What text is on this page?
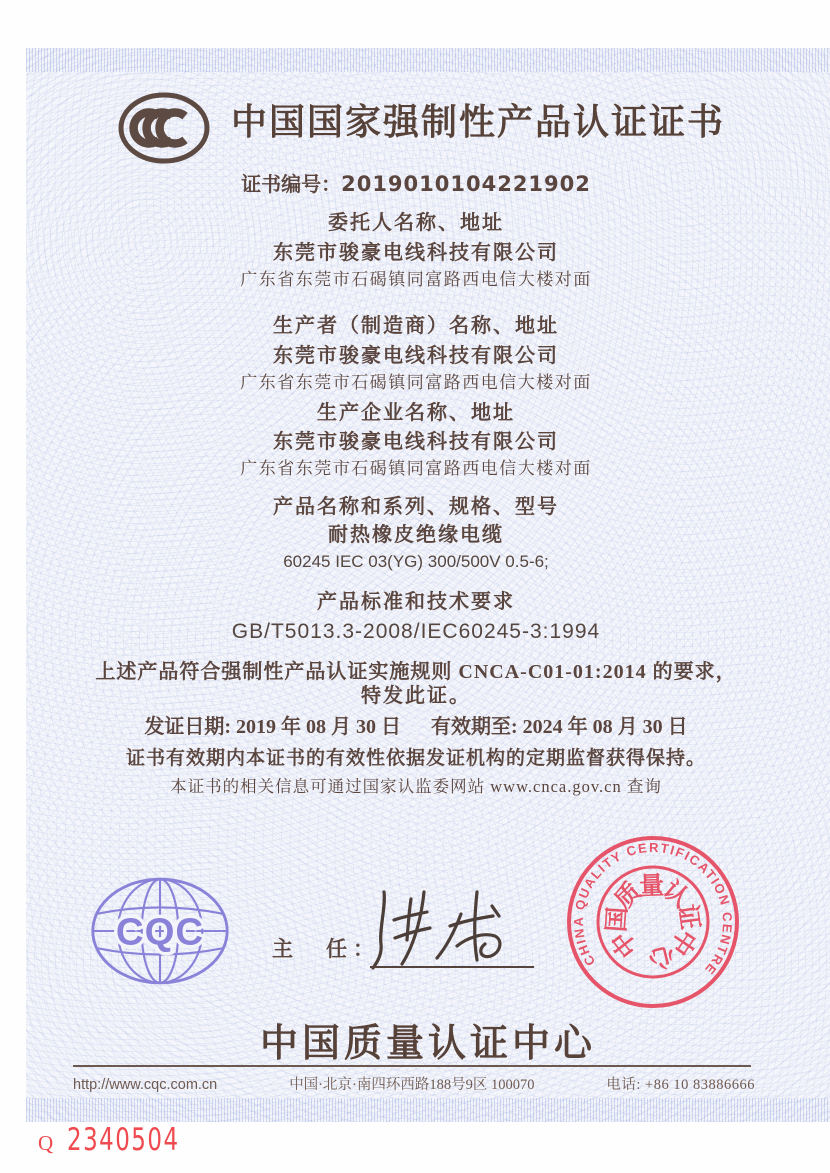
中国国家强制性产品认证证书
证书编号：2019010104221902
委托人名称、地址
东莞市骏豪电线科技有限公司
广东省东莞市石碣镇同富路西电信大楼对面
生产者（制造商）名称、地址
东莞市骏豪电线科技有限公司
广东省东莞市石碣镇同富路西电信大楼对面
生产企业名称、地址
东莞市骏豪电线科技有限公司
广东省东莞市石碣镇同富路西电信大楼对面
产品名称和系列、规格、型号
耐热橡皮绝缘电缆
60245 IEC 03(YG) 300/500V 0.5-6;
产品标准和技术要求
GB/T5013.3-2008/IEC60245-3:1994
上述产品符合强制性产品认证实施规则 CNCA-C01-01:2014 的要求，
特发此证。
发证日期: 2019 年 08 月 30 日 有效期至: 2024 年 08 月 30 日
证书有效期内本证书的有效性依据发证机构的定期监督获得保持。
本证书的相关信息可通过国家认监委网站 www.cnca.gov.cn 查询
CQC	主　任：	CHINA QUALITY CERTIFICATION CENTRE
中
国
质
量
认
证
中
心
中国质量认证中心
http://www.cqc.com.cn	中国·北京·南四环西路188号9区 100070	电话: +86 10 83886666
Q 2340504
